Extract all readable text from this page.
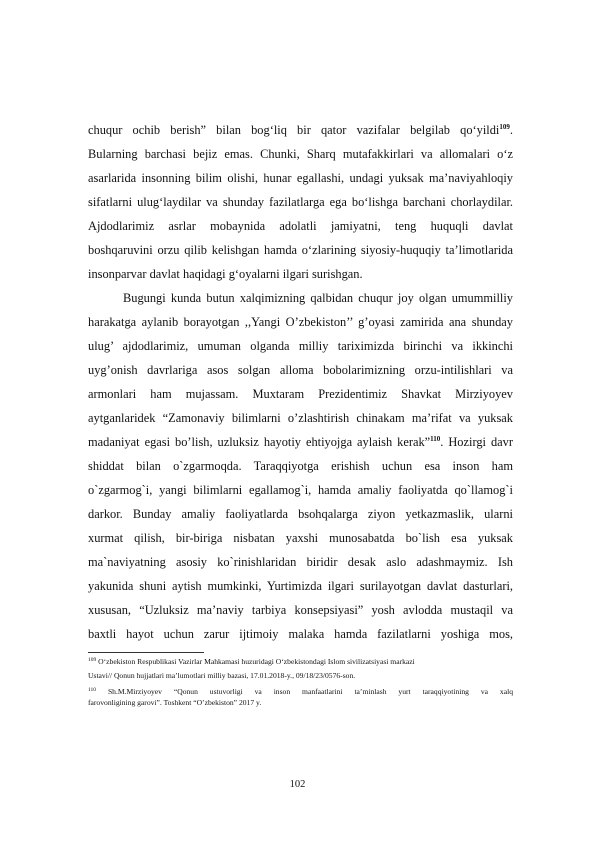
chuqur ochib berish” bilan bog‘liq bir qator vazifalar belgilab qo‘yildi$^{109}$.
Bularning barchasi bejiz emas. Chunki, Sharq mutafakkirlari va allomalari o‘z
asarlarida insonning bilim olishi, hunar egallashi, undagi yuksak ma’naviyahloqiy
sifatlarni ulug‘laydilar va shunday fazilatlarga ega bo‘lishga barchani chorlaydilar.
Ajdodlarimiz asrlar mobaynida adolatli jamiyatni, teng huquqli davlat
boshqaruvini orzu qilib kelishgan hamda o‘zlarining siyosiy-huquqiy ta’limotlarida
insonparvar davlat haqidagi g‘oyalarni ilgari surishgan.
Bugungi kunda butun xalqimizning qalbidan chuqur joy olgan umummilliy
harakatga aylanib borayotgan ,,Yangi O’zbekiston’’ g’oyasi zamirida ana shunday
ulug’ ajdodlarimiz, umuman olganda milliy tariximizda birinchi va ikkinchi
uyg’onish davrlariga asos solgan alloma bobolarimizning orzu-intilishlari va
armonlari ham mujassam. Muxtaram Prezidentimiz Shavkat Mirziyoyev
aytganlaridek “Zamonaviy bilimlarni o’zlashtirish chinakam ma’rifat va yuksak
madaniyat egasi bo’lish, uzluksiz hayotiy ehtiyojga aylaish kerak”$^{110}$. Hozirgi davr
shiddat bilan o`zgarmoqda. Taraqqiyotga erishish uchun esa inson ham
o`zgarmog`i, yangi bilimlarni egallamog`i, hamda amaliy faoliyatda qo`llamog`i
darkor. Bunday amaliy faoliyatlarda bsohqalarga ziyon yetkazmaslik, ularni
xurmat qilish, bir-biriga nisbatan yaxshi munosabatda bo`lish esa yuksak
ma`naviyatning asosiy ko`rinishlaridan biridir desak aslo adashmaymiz. Ish
yakunida shuni aytish mumkinki, Yurtimizda ilgari surilayotgan davlat dasturlari,
xususan, “Uzluksiz ma’naviy tarbiya konsepsiyasi” yosh avlodda mustaqil va
baxtli hayot uchun zarur ijtimoiy malaka hamda fazilatlarni yoshiga mos,
$^{109}$ O‘zbekiston Respublikasi Vazirlar Mahkamasi huzuridagi O‘zbekistondagi Islom sivilizatsiyasi markazi
Ustavi// Qonun hujjatlari ma’lumotlari milliy bazasi, 17.01.2018-y., 09/18/23/0576-son.
$^{110}$ Sh.M.Mirziyoyev “Qonun ustuvorligi va inson manfaatlarini ta’minlash yurt taraqqiyotining va xalq
farovonligining garovi”. Toshkent “O’zbekiston” 2017 y.
102
